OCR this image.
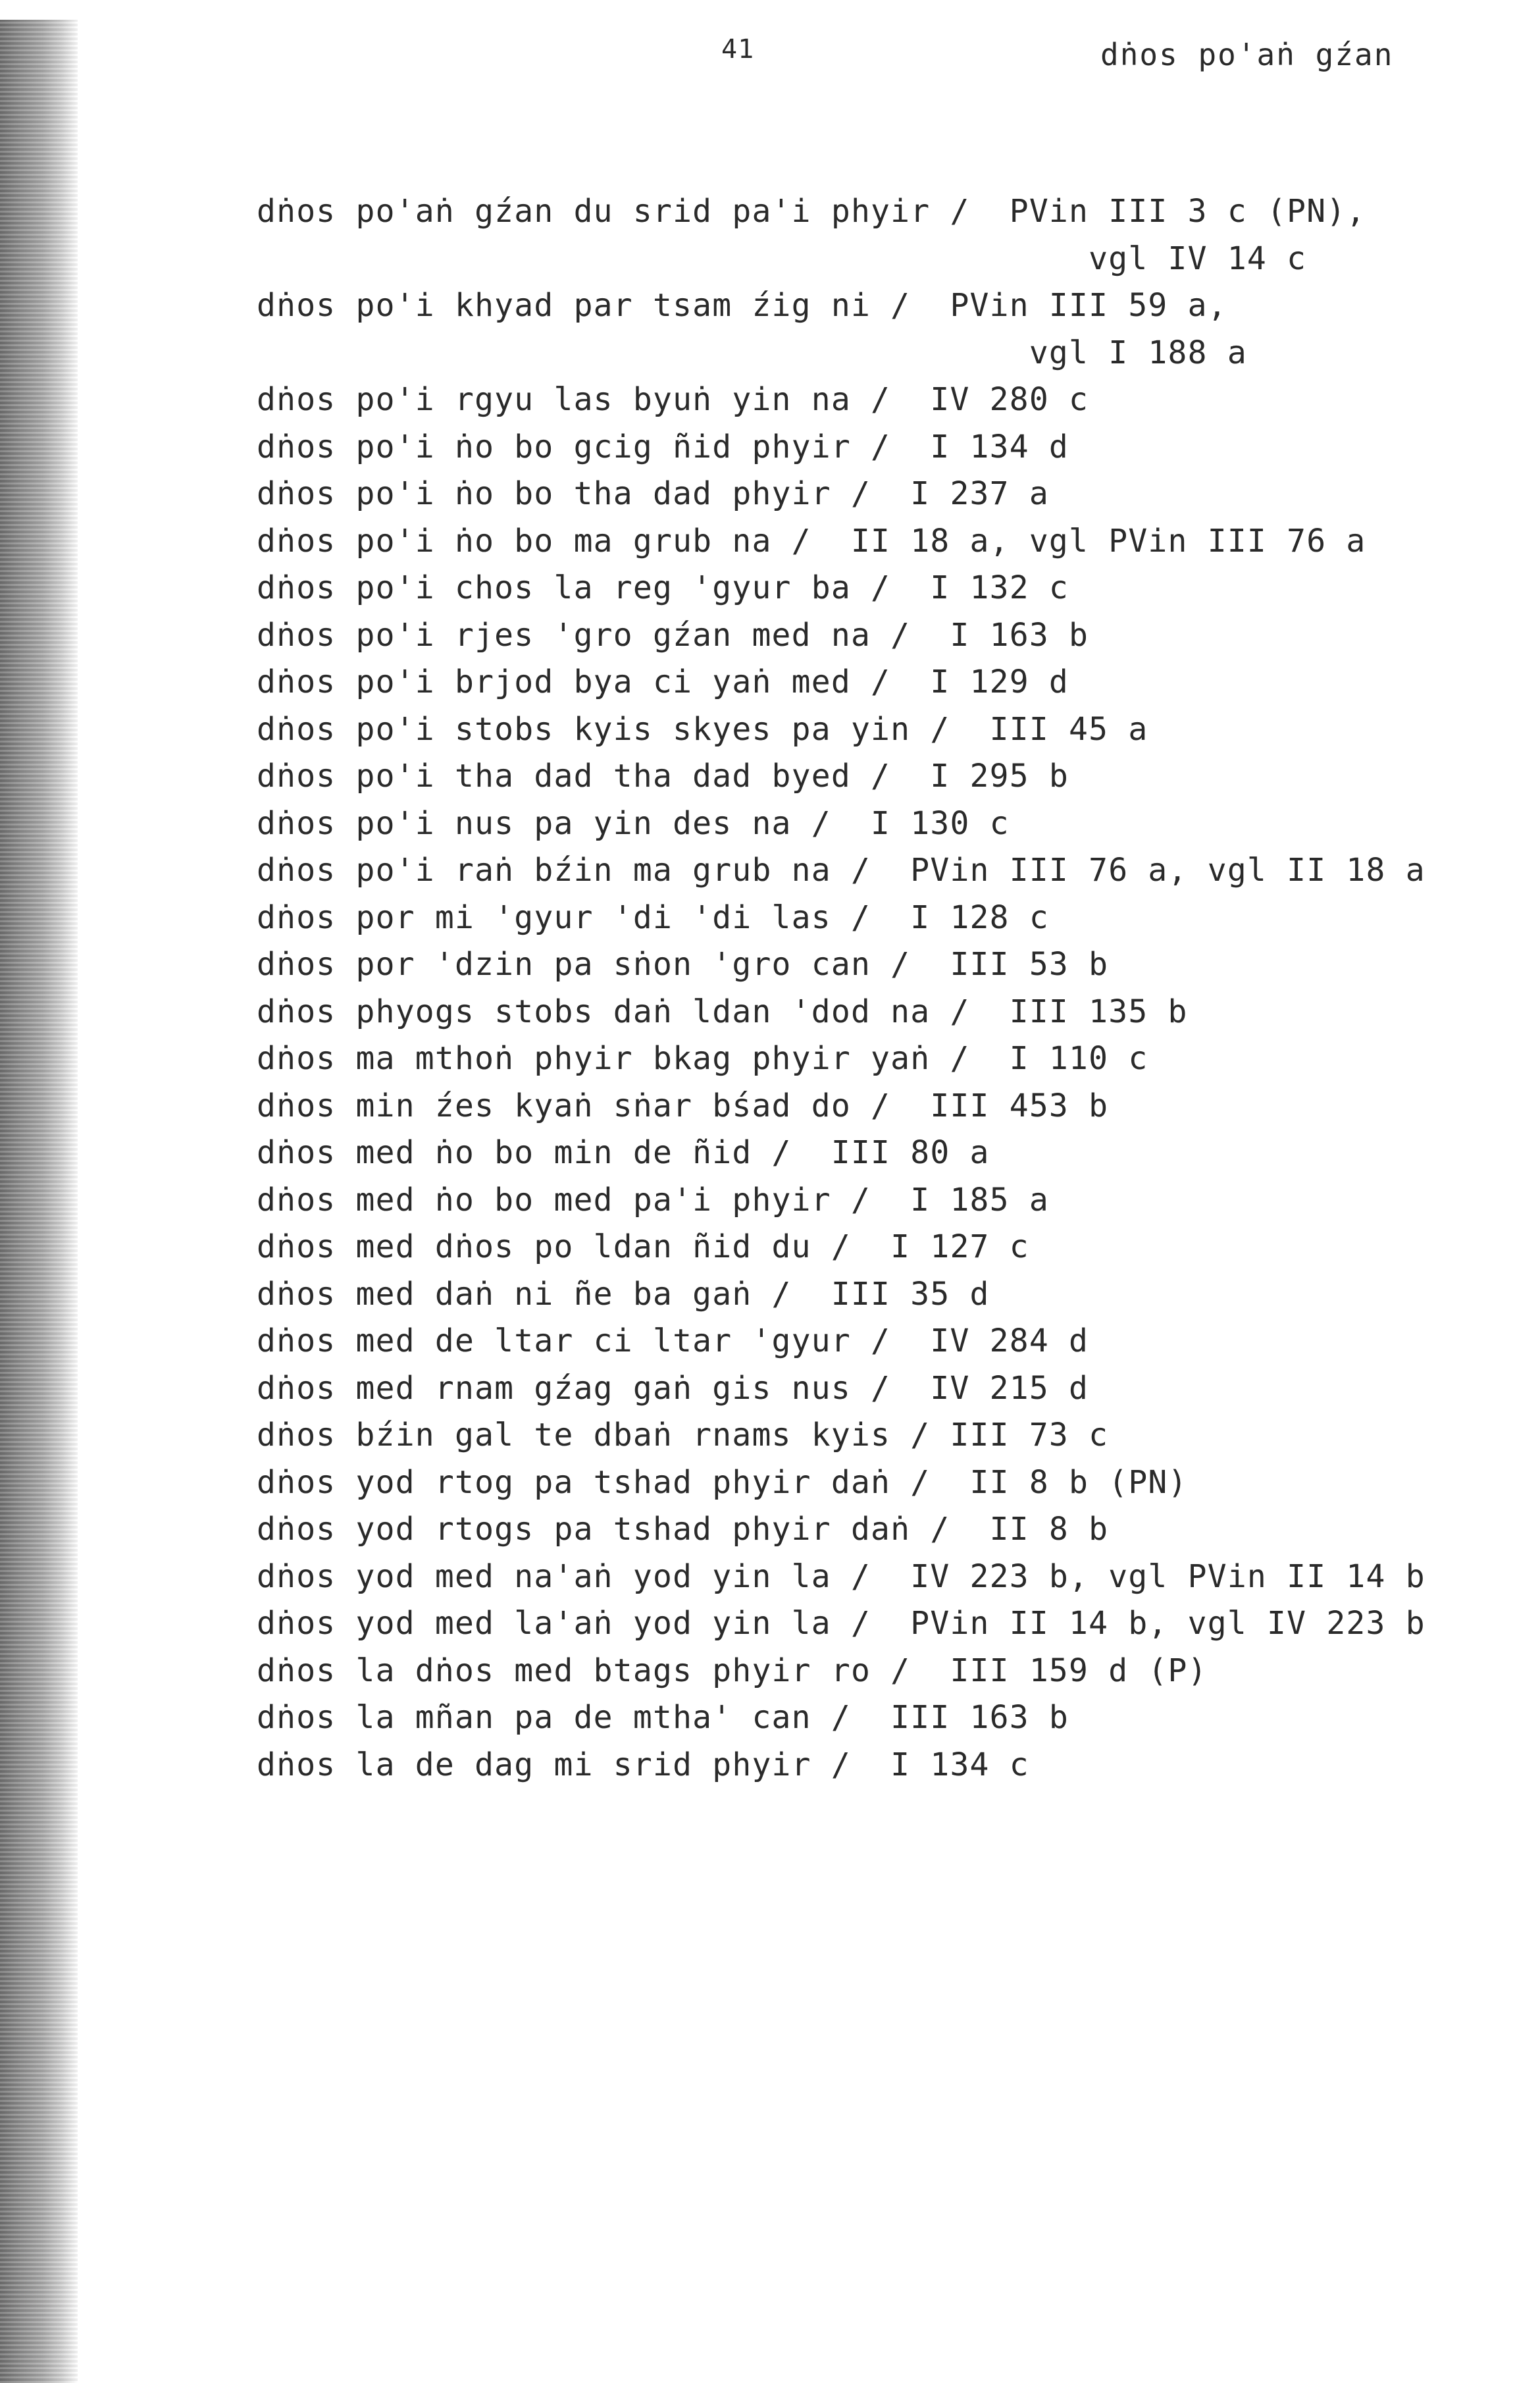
41	dṅos po'aṅ gźan
dṅos po'aṅ gźan du srid pa'i phyir /  PVin III 3 c (PN),
vgl IV 14 c
dṅos po'i khyad par tsam źig ni /  PVin III 59 a,
vgl I 188 a
dṅos po'i rgyu las byuṅ yin na /  IV 280 c
dṅos po'i ṅo bo gcig ñid phyir /  I 134 d
dṅos po'i ṅo bo tha dad phyir /  I 237 a
dṅos po'i ṅo bo ma grub na /  II 18 a, vgl PVin III 76 a
dṅos po'i chos la reg 'gyur ba /  I 132 c
dṅos po'i rjes 'gro gźan med na /  I 163 b
dṅos po'i brjod bya ci yaṅ med /  I 129 d
dṅos po'i stobs kyis skyes pa yin /  III 45 a
dṅos po'i tha dad tha dad byed /  I 295 b
dṅos po'i nus pa yin des na /  I 130 c
dṅos po'i raṅ bźin ma grub na /  PVin III 76 a, vgl II 18 a
dṅos por mi 'gyur 'di 'di las /  I 128 c
dṅos por 'dzin pa sṅon 'gro can /  III 53 b
dṅos phyogs stobs daṅ ldan 'dod na /  III 135 b
dṅos ma mthoṅ phyir bkag phyir yaṅ /  I 110 c
dṅos min źes kyaṅ sṅar bśad do /  III 453 b
dṅos med ṅo bo min de ñid /  III 80 a
dṅos med ṅo bo med pa'i phyir /  I 185 a
dṅos med dṅos po ldan ñid du /  I 127 c
dṅos med daṅ ni ñe ba gaṅ /  III 35 d
dṅos med de ltar ci ltar 'gyur /  IV 284 d
dṅos med rnam gźag gaṅ gis nus /  IV 215 d
dṅos bźin gal te dbaṅ rnams kyis / III 73 c
dṅos yod rtog pa tshad phyir daṅ /  II 8 b (PN)
dṅos yod rtogs pa tshad phyir daṅ /  II 8 b
dṅos yod med na'aṅ yod yin la /  IV 223 b, vgl PVin II 14 b
dṅos yod med la'aṅ yod yin la /  PVin II 14 b, vgl IV 223 b
dṅos la dṅos med btags phyir ro /  III 159 d (P)
dṅos la mñan pa de mtha' can /  III 163 b
dṅos la de dag mi srid phyir /  I 134 c
